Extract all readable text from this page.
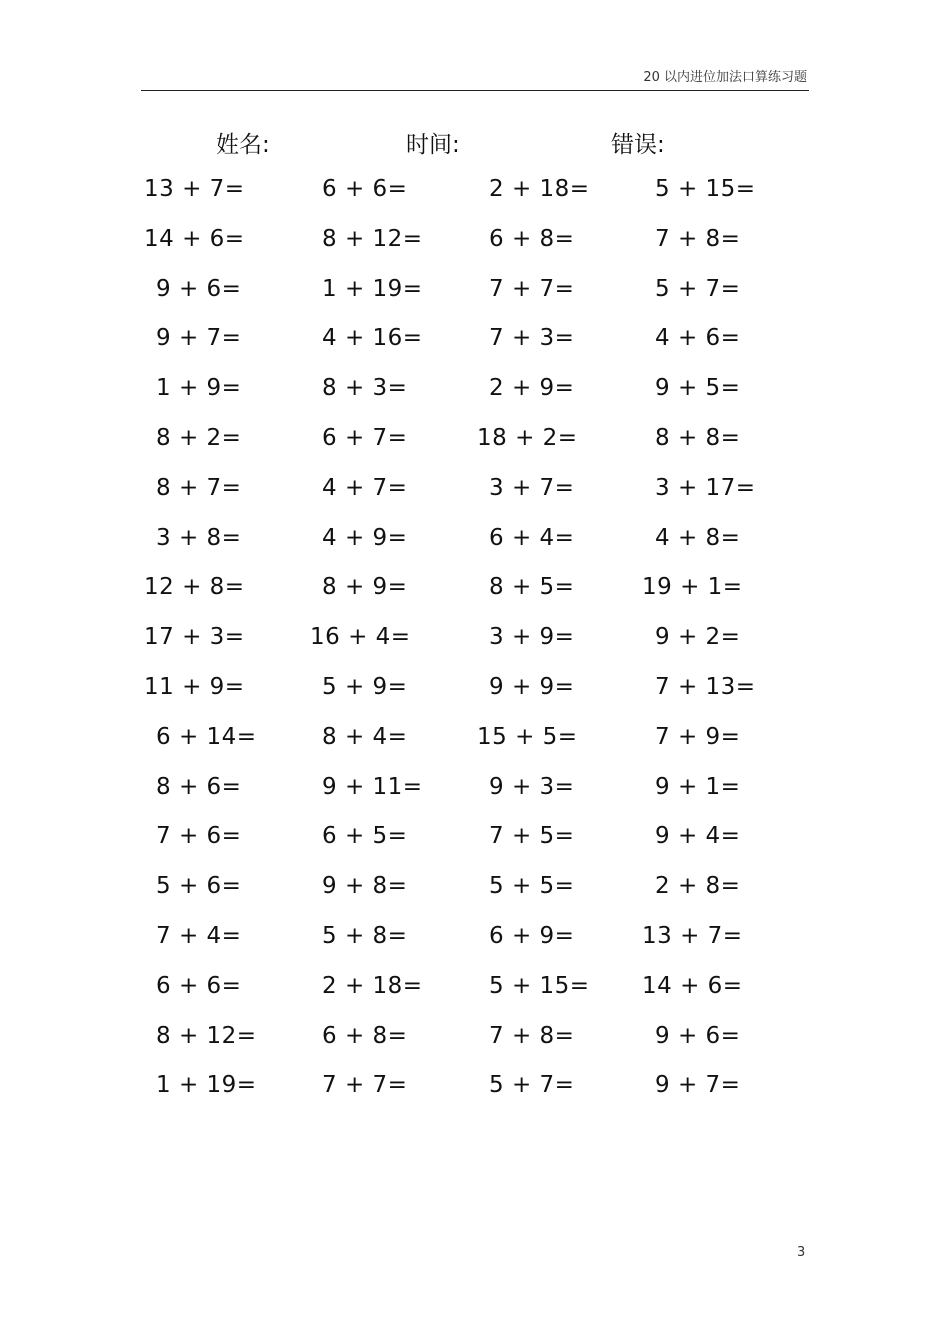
20 以内进位加法口算练习题
姓名:	时间:	错误:
13 + 7=	6 + 6=	2 + 18=	5 + 15=
14 + 6=	8 + 12=	6 + 8=	7 + 8=
9 + 6=	1 + 19=	7 + 7=	5 + 7=
9 + 7=	4 + 16=	7 + 3=	4 + 6=
1 + 9=	8 + 3=	2 + 9=	9 + 5=
8 + 2=	6 + 7=	18 + 2=	8 + 8=
8 + 7=	4 + 7=	3 + 7=	3 + 17=
3 + 8=	4 + 9=	6 + 4=	4 + 8=
12 + 8=	8 + 9=	8 + 5=	19 + 1=
17 + 3=	16 + 4=	3 + 9=	9 + 2=
11 + 9=	5 + 9=	9 + 9=	7 + 13=
6 + 14=	8 + 4=	15 + 5=	7 + 9=
8 + 6=	9 + 11=	9 + 3=	9 + 1=
7 + 6=	6 + 5=	7 + 5=	9 + 4=
5 + 6=	9 + 8=	5 + 5=	2 + 8=
7 + 4=	5 + 8=	6 + 9=	13 + 7=
6 + 6=	2 + 18=	5 + 15= 14 + 6=
8 + 12=	6 + 8=	7 + 8=	9 + 6=
1 + 19=	7 + 7=	5 + 7=	9 + 7=
3
